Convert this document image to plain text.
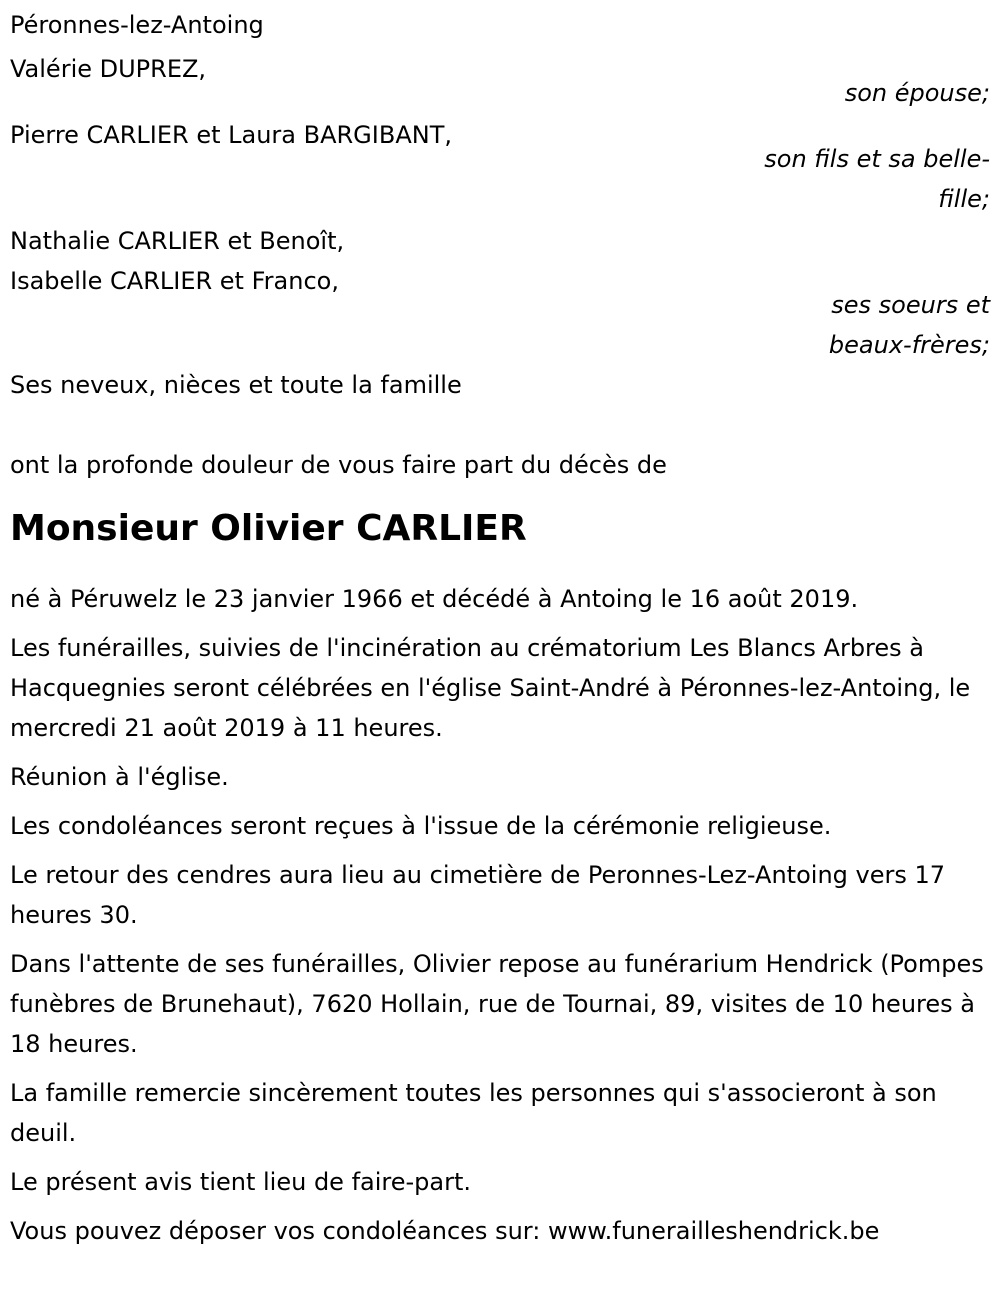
Péronnes-lez-Antoing
Valérie DUPREZ,
son épouse;
Pierre CARLIER et Laura BARGIBANT,
son fils et sa belle-
fille;
Nathalie CARLIER et Benoît,
Isabelle CARLIER et Franco,
ses soeurs et
beaux-frères;
Ses neveux, nièces et toute la famille
ont la profonde douleur de vous faire part du décès de
Monsieur Olivier CARLIER

né à Péruwelz le 23 janvier 1966 et décédé à Antoing le 16 août 2019.

Les funérailles, suivies de l'incinération au crématorium Les Blancs Arbres à Hacquegnies seront célébrées en l'église Saint-André à Péronnes-lez-Antoing, le mercredi 21 août 2019 à 11 heures.

Réunion à l'église.

Les condoléances seront reçues à l'issue de la cérémonie religieuse.

Le retour des cendres aura lieu au cimetière de Peronnes-Lez-Antoing vers 17 heures 30.

Dans l'attente de ses funérailles, Olivier repose au funérarium Hendrick (Pompes funèbres de Brunehaut), 7620 Hollain, rue de Tournai, 89, visites de 10 heures à 18 heures.

La famille remercie sincèrement toutes les personnes qui s'associeront à son deuil.

Le présent avis tient lieu de faire-part.

Vous pouvez déposer vos condoléances sur: www.funerailleshendrick.be
